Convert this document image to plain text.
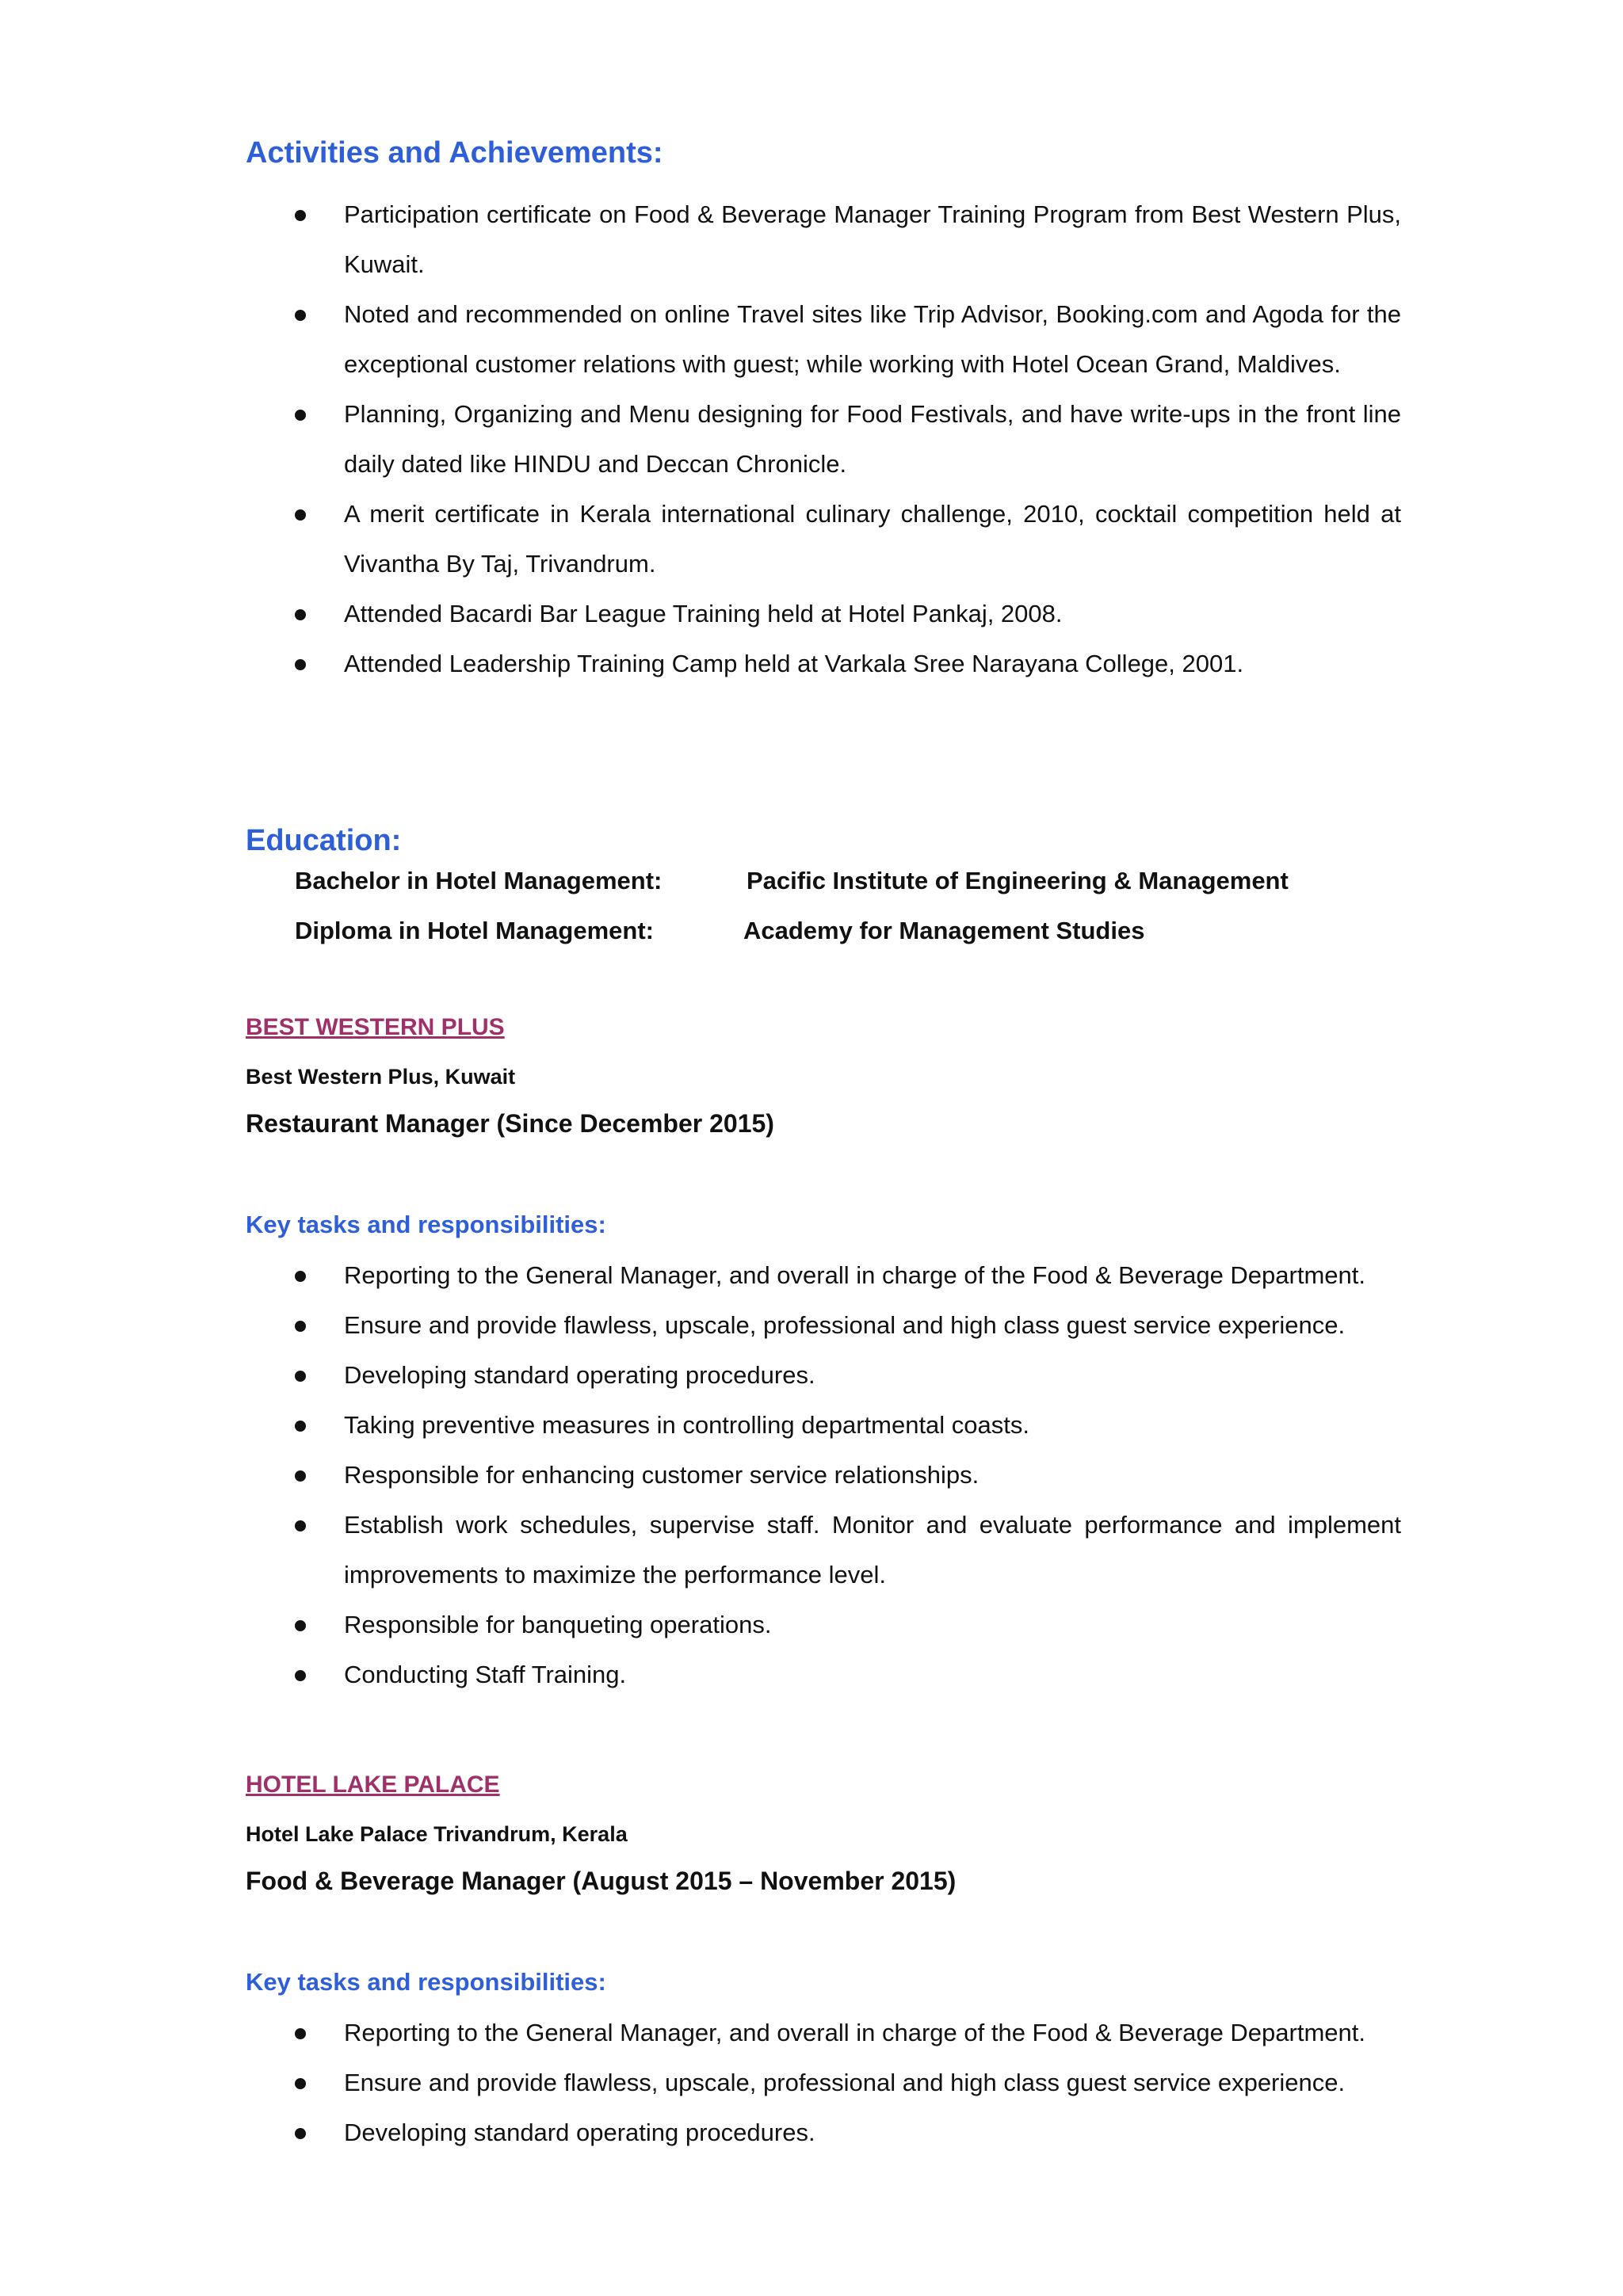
Activities and Achievements:
Participation certificate on Food & Beverage Manager Training Program from Best Western Plus, Kuwait.
Noted and recommended on online Travel sites like Trip Advisor, Booking.com and Agoda for the exceptional customer relations with guest; while working with Hotel Ocean Grand, Maldives.
Planning, Organizing and Menu designing for Food Festivals, and have write-ups in the front line daily dated like HINDU and Deccan Chronicle.
A merit certificate in Kerala international culinary challenge, 2010, cocktail competition held at Vivantha By Taj, Trivandrum.
Attended Bacardi Bar League Training held at Hotel Pankaj, 2008.
Attended Leadership Training Camp held at Varkala Sree Narayana College, 2001.
Education:
Bachelor in Hotel Management:	Pacific Institute of Engineering & Management
Diploma in Hotel Management:	Academy for Management Studies
BEST WESTERN PLUS
Best Western Plus, Kuwait
Restaurant Manager (Since December 2015)
Key tasks and responsibilities:
Reporting to the General Manager, and overall in charge of the Food & Beverage Department.
Ensure and provide flawless, upscale, professional and high class guest service experience.
Developing standard operating procedures.
Taking preventive measures in controlling departmental coasts.
Responsible for enhancing customer service relationships.
Establish work schedules, supervise staff. Monitor and evaluate performance and implement improvements to maximize the performance level.
Responsible for banqueting operations.
Conducting Staff Training.
HOTEL LAKE PALACE
Hotel Lake Palace Trivandrum, Kerala
Food & Beverage Manager (August 2015 – November 2015)
Key tasks and responsibilities:
Reporting to the General Manager, and overall in charge of the Food & Beverage Department.
Ensure and provide flawless, upscale, professional and high class guest service experience.
Developing standard operating procedures.
